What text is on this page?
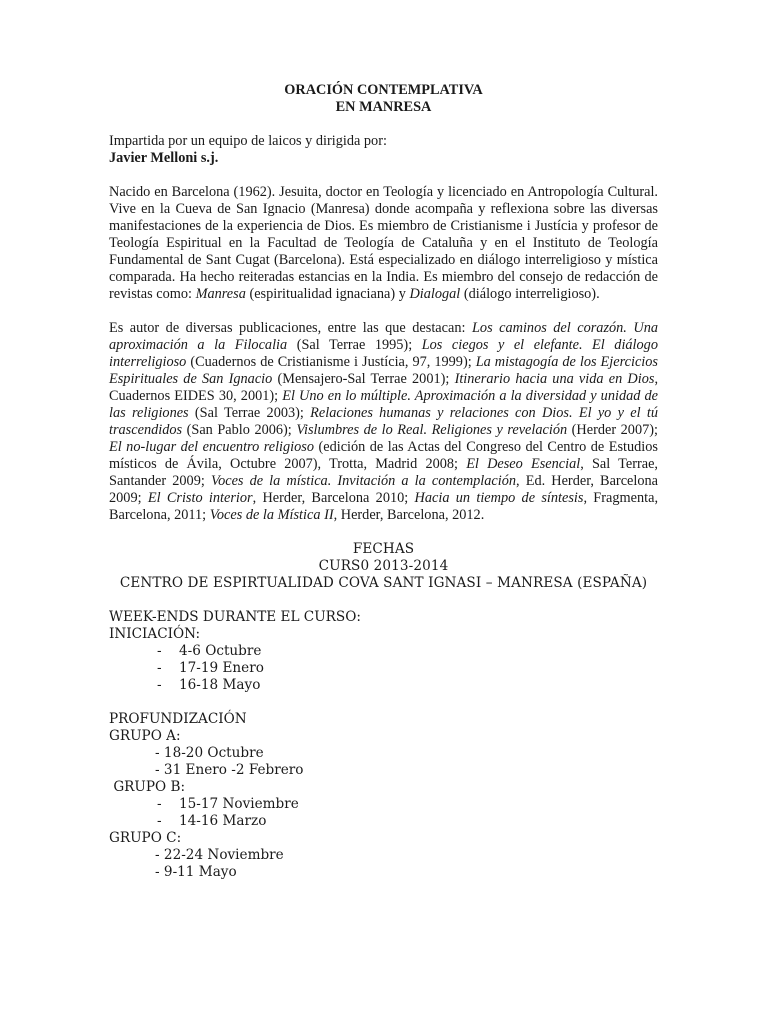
ORACIÓN CONTEMPLATIVA

EN MANRESA

Impartida por un equipo de laicos y dirigida por:

Javier Melloni s.j.

Nacido en Barcelona (1962). Jesuita, doctor en Teología y licenciado en Antropología Cultural. Vive en la Cueva de San Ignacio (Manresa) donde acompaña y reflexiona sobre las diversas manifestaciones de la experiencia de Dios. Es miembro de Cristianisme i Justícia y profesor de Teología Espiritual en la Facultad de Teología de Cataluña y en el Instituto de Teología Fundamental de Sant Cugat (Barcelona). Está especializado en diálogo interreligioso y mística comparada. Ha hecho reiteradas estancias en la India. Es miembro del consejo de redacción de revistas como: Manresa (espiritualidad ignaciana) y Dialogal (diálogo interreligioso).

Es autor de diversas publicaciones, entre las que destacan: Los caminos del corazón. Una aproximación a la Filocalia (Sal Terrae 1995); Los ciegos y el elefante. El diálogo interreligioso (Cuadernos de Cristianisme i Justícia, 97, 1999); La mistagogía de los Ejercicios Espirituales de San Ignacio (Mensajero-Sal Terrae 2001); Itinerario hacia una vida en Dios, Cuadernos EIDES 30, 2001); El Uno en lo múltiple. Aproximación a la diversidad y unidad de las religiones (Sal Terrae 2003); Relaciones humanas y relaciones con Dios. El yo y el tú trascendidos (San Pablo 2006); Vislumbres de lo Real. Religiones y revelación (Herder 2007); El no-lugar del encuentro religioso (edición de las Actas del Congreso del Centro de Estudios místicos de Ávila, Octubre 2007), Trotta, Madrid 2008; El Deseo Esencial, Sal Terrae, Santander 2009; Voces de la mística. Invitación a la contemplación, Ed. Herder, Barcelona 2009; El Cristo interior, Herder, Barcelona 2010; Hacia un tiempo de síntesis, Fragmenta, Barcelona, 2011; Voces de la Mística II, Herder, Barcelona, 2012.

FECHAS

CURS0 2013-2014

CENTRO DE ESPIRTUALIDAD COVA SANT IGNASI – MANRESA (ESPAÑA)

WEEK-ENDS DURANTE EL CURSO:

INICIACIÓN:

- 4-6 Octubre
- 17-19 Enero
- 16-18 Mayo

PROFUNDIZACIÓN

GRUPO A:

- 18-20 Octubre
- 31 Enero -2 Febrero

GRUPO B:

- 15-17 Noviembre
- 14-16 Marzo

GRUPO C:

- 22-24 Noviembre
- 9-11 Mayo
